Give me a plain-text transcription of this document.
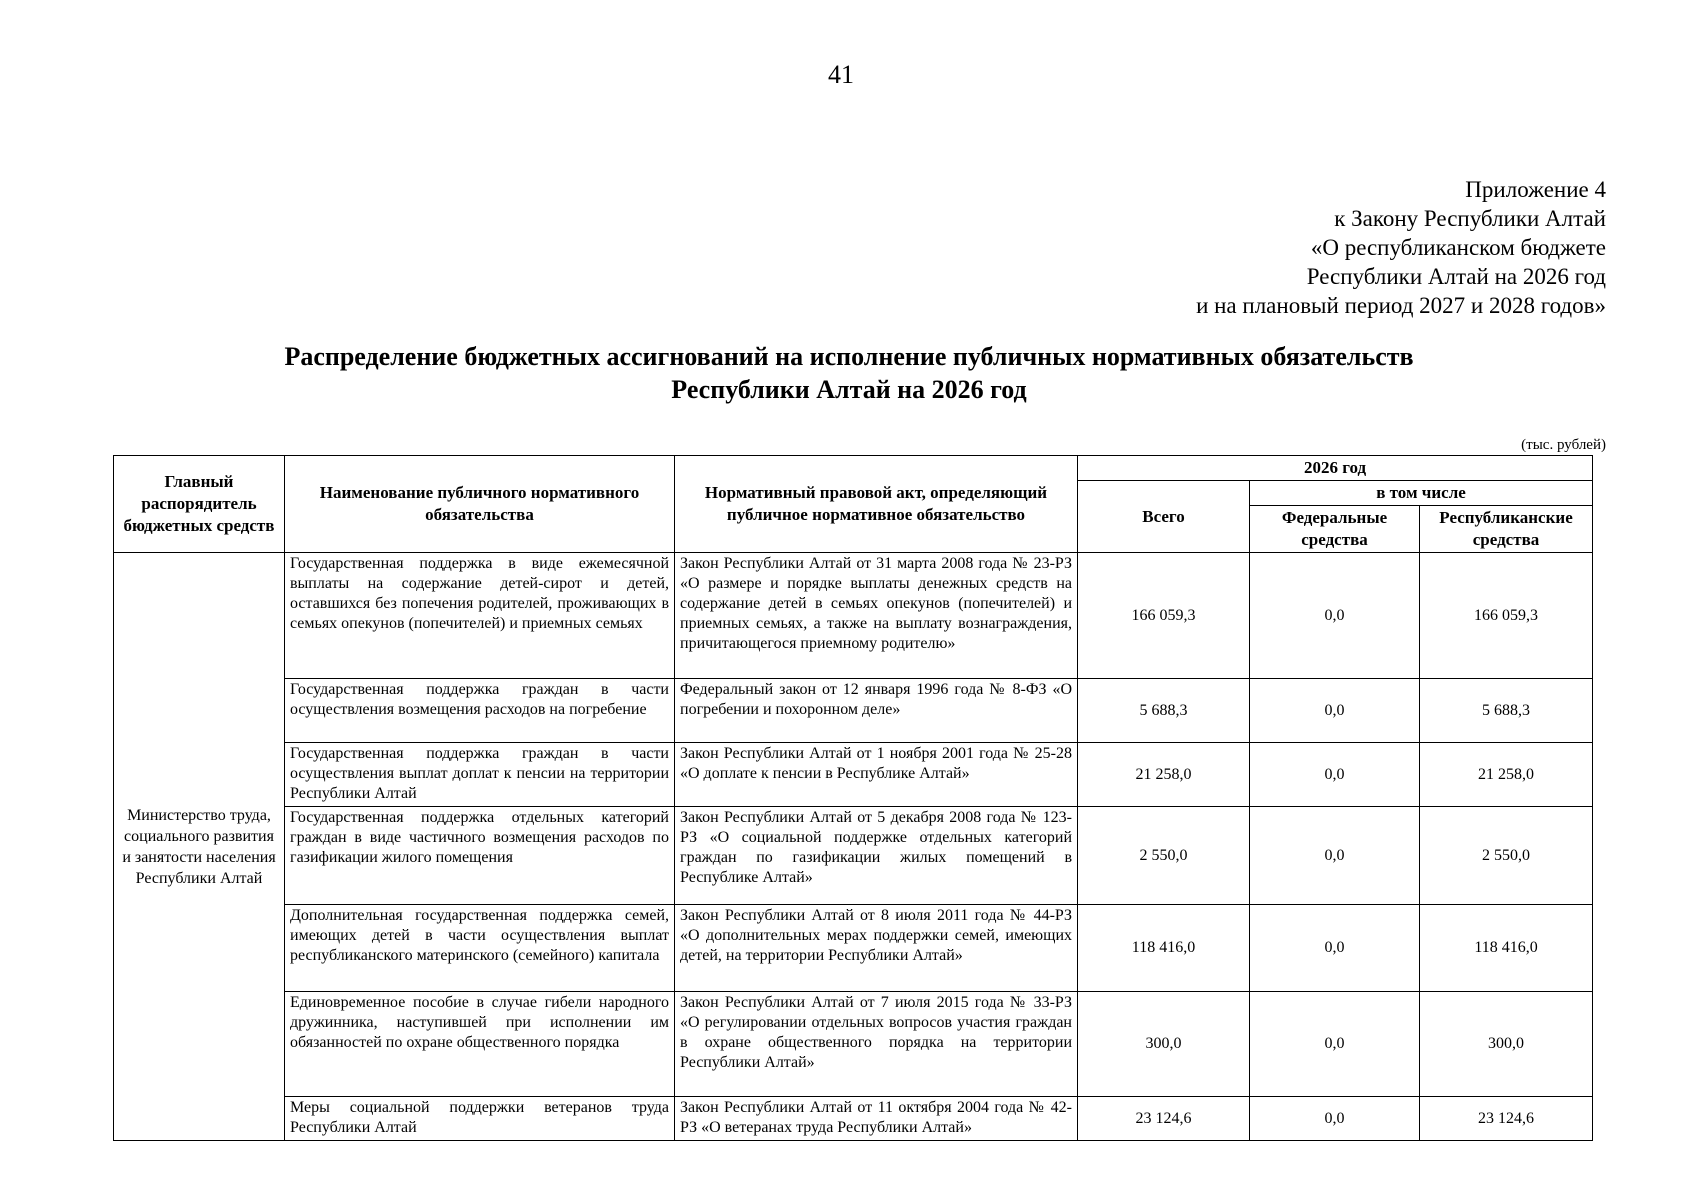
41
Приложение 4
к Закону Республики Алтай
«О республиканском бюджете
Республики Алтай на 2026 год
и на плановый период 2027 и 2028 годов»
Распределение бюджетных ассигнований на исполнение публичных нормативных обязательств
Республики Алтай на 2026 год
(тыс. рублей)
Главный распорядитель бюджетных средств	Наименование публичного нормативного обязательства	Нормативный правовой акт, определяющий публичное нормативное обязательство	2026 год		
			Всего	в том числе	
				Федеральные средства	Республиканские средства
Министерство труда, социального развития и занятости населения Республики Алтай	Государственная поддержка в виде ежемесячной выплаты на содержание детей-сирот и детей, оставшихся без попечения родителей, проживающих в семьях опекунов (попечителей) и приемных семьях	Закон Республики Алтай от 31 марта 2008 года № 23-РЗ «О размере и порядке выплаты денежных средств на содержание детей в семьях опекунов (попечителей) и приемных семьях, а также на выплату вознаграждения, причитающегося приемному родителю»	166 059,3	0,0	166 059,3
	Государственная поддержка граждан в части осуществления возмещения расходов на погребение	Федеральный закон от 12 января 1996 года № 8-ФЗ «О погребении и похоронном деле»	5 688,3	0,0	5 688,3
	Государственная поддержка граждан в части осуществления выплат доплат к пенсии на территории Республики Алтай	Закон Республики Алтай от 1 ноября 2001 года № 25-28 «О доплате к пенсии в Республике Алтай»	21 258,0	0,0	21 258,0
	Государственная поддержка отдельных категорий граждан в виде частичного возмещения расходов по газификации жилого помещения	Закон Республики Алтай от 5 декабря 2008 года № 123-РЗ «О социальной поддержке отдельных категорий граждан по газификации жилых помещений в Республике Алтай»	2 550,0	0,0	2 550,0
	Дополнительная государственная поддержка семей, имеющих детей в части осуществления выплат республиканского материнского (семейного) капитала	Закон Республики Алтай от 8 июля 2011 года № 44-РЗ «О дополнительных мерах поддержки семей, имеющих детей, на территории Республики Алтай»	118 416,0	0,0	118 416,0
	Единовременное пособие в случае гибели народного дружинника, наступившей при исполнении им обязанностей по охране общественного порядка	Закон Республики Алтай от 7 июля 2015 года № 33-РЗ «О регулировании отдельных вопросов участия граждан в охране общественного порядка на территории Республики Алтай»	300,0	0,0	300,0
	Меры социальной поддержки ветеранов труда Республики Алтай	Закон Республики Алтай от 11 октября 2004 года № 42-РЗ «О ветеранах труда Республики Алтай»	23 124,6	0,0	23 124,6
